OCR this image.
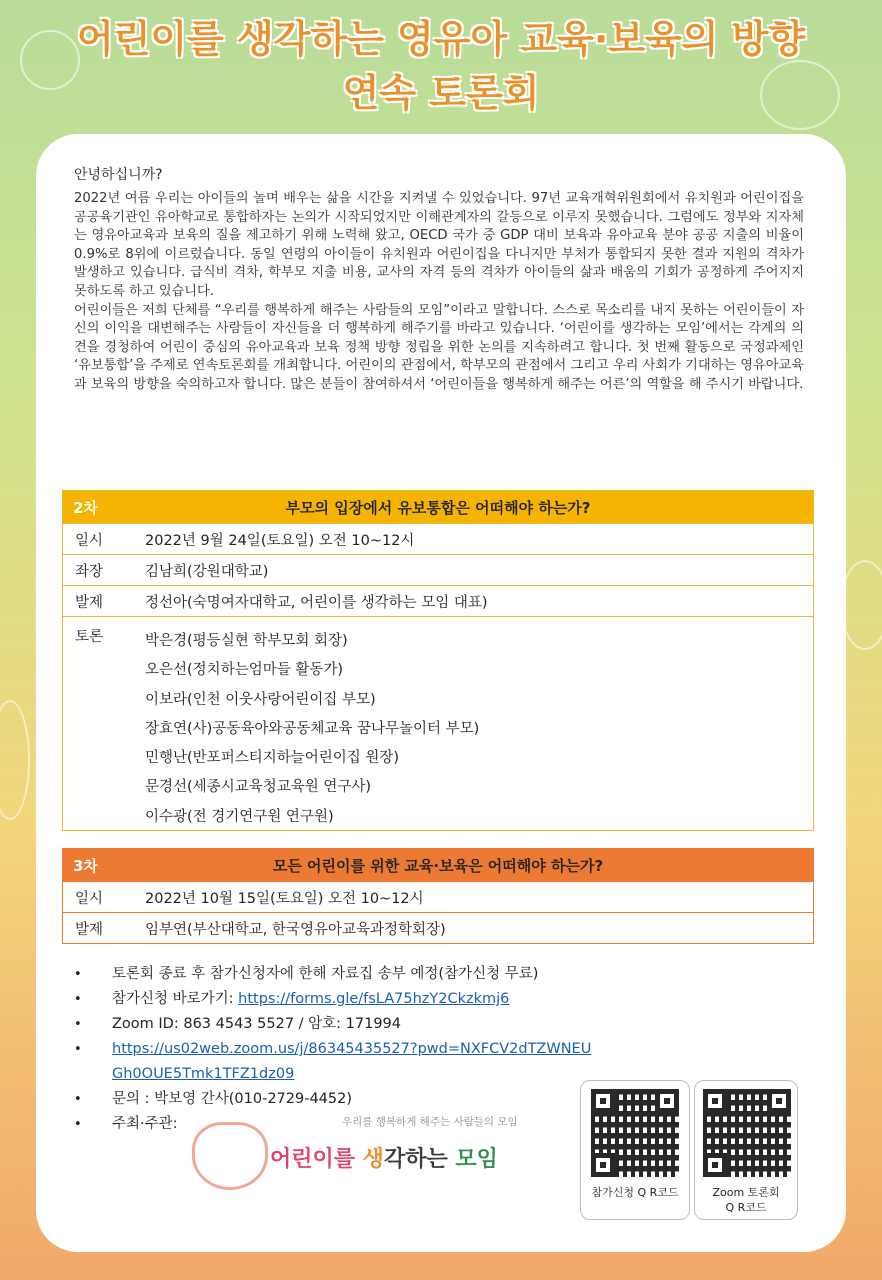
어린이를 생각하는 영유아 교육·보육의 방향
연속 토론회
안녕하십니까?

2022년 여름 우리는 아이들의 놀며 배우는 삶을 시간을 지켜낼 수 있었습니다. 97년 교육개혁위원회에서 유치원과 어린이집을 공공육기관인 유아학교로 통합하자는 논의가 시작되었지만 이해관계자의 갈등으로 이루지 못했습니다. 그럼에도 정부와 지자체는 영유아교육과 보육의 질을 제고하기 위해 노력해 왔고, OECD 국가 중 GDP 대비 보육과 유아교육 분야 공공 지출의 비율이 0.9%로 8위에 이르렀습니다. 동일 연령의 아이들이 유치원과 어린이집을 다니지만 부처가 통합되지 못한 결과 지원의 격차가 발생하고 있습니다. 급식비 격차, 학부모 지출 비용, 교사의 자격 등의 격차가 아이들의 삶과 배움의 기회가 공정하게 주어지지 못하도록 하고 있습니다.

어린이들은 저희 단체를 “우리를 행복하게 해주는 사람들의 모임”이라고 말합니다. 스스로 목소리를 내지 못하는 어린이들이 자신의 이익을 대변해주는 사람들이 자신들을 더 행복하게 해주기를 바라고 있습니다. ‘어린이를 생각하는 모임’에서는 각계의 의견을 경청하여 어린이 중심의 유아교육과 보육 정책 방향 정립을 위한 논의를 지속하려고 합니다. 첫 번째 활동으로 국정과제인 ‘유보통합’을 주제로 연속토론회를 개최합니다. 어린이의 관점에서, 학부모의 관점에서 그리고 우리 사회가 기대하는 영유아교육과 보육의 방향을 숙의하고자 합니다. 많은 분들이 참여하셔서 ‘어린이들을 행복하게 해주는 어른’의 역할을 해 주시기 바랍니다.

2차	부모의 입장에서 유보통합은 어떠해야 하는가?
일시	2022년 9월 24일(토요일) 오전 10~12시
좌장	김남희(강원대학교)
발제	정선아(숙명여자대학교, 어린이를 생각하는 모임 대표)
토론	박은경(평등실현 학부모회 회장)
오은선(정치하는엄마들 활동가)
이보라(인천 이웃사랑어린이집 부모)
장효연(사)공동육아와공동체교육 꿈나무놀이터 부모)
민행난(반포퍼스티지하늘어린이집 원장)
문경선(세종시교육청교육원 연구사)
이수광(전 경기연구원 연구원)
3차	모든 어린이를 위한 교육·보육은 어떠해야 하는가?
일시	2022년 10월 15일(토요일) 오전 10~12시
발제	임부연(부산대학교, 한국영유아교육과정학회장)
• 토론회 종료 후 참가신청자에 한해 자료집 송부 예정(참가신청 무료)
• 참가신청 바로가기: https://forms.gle/fsLA75hzY2Ckzkmj6
• Zoom ID: 863 4543 5527 / 암호: 171994
• https://us02web.zoom.us/j/86345435527?pwd=NXFCV2dTZWNEU
Gh0OUE5Tmk1TFZ1dz09
• 문의 : 박보영 간사(010-2729-4452)
• 주최·주관:	우리를 행복하게 해주는 사람들의 모임
어린이를 생각하는 모임
참가신청 Q R코드	Zoom 토론회
Q R코드
